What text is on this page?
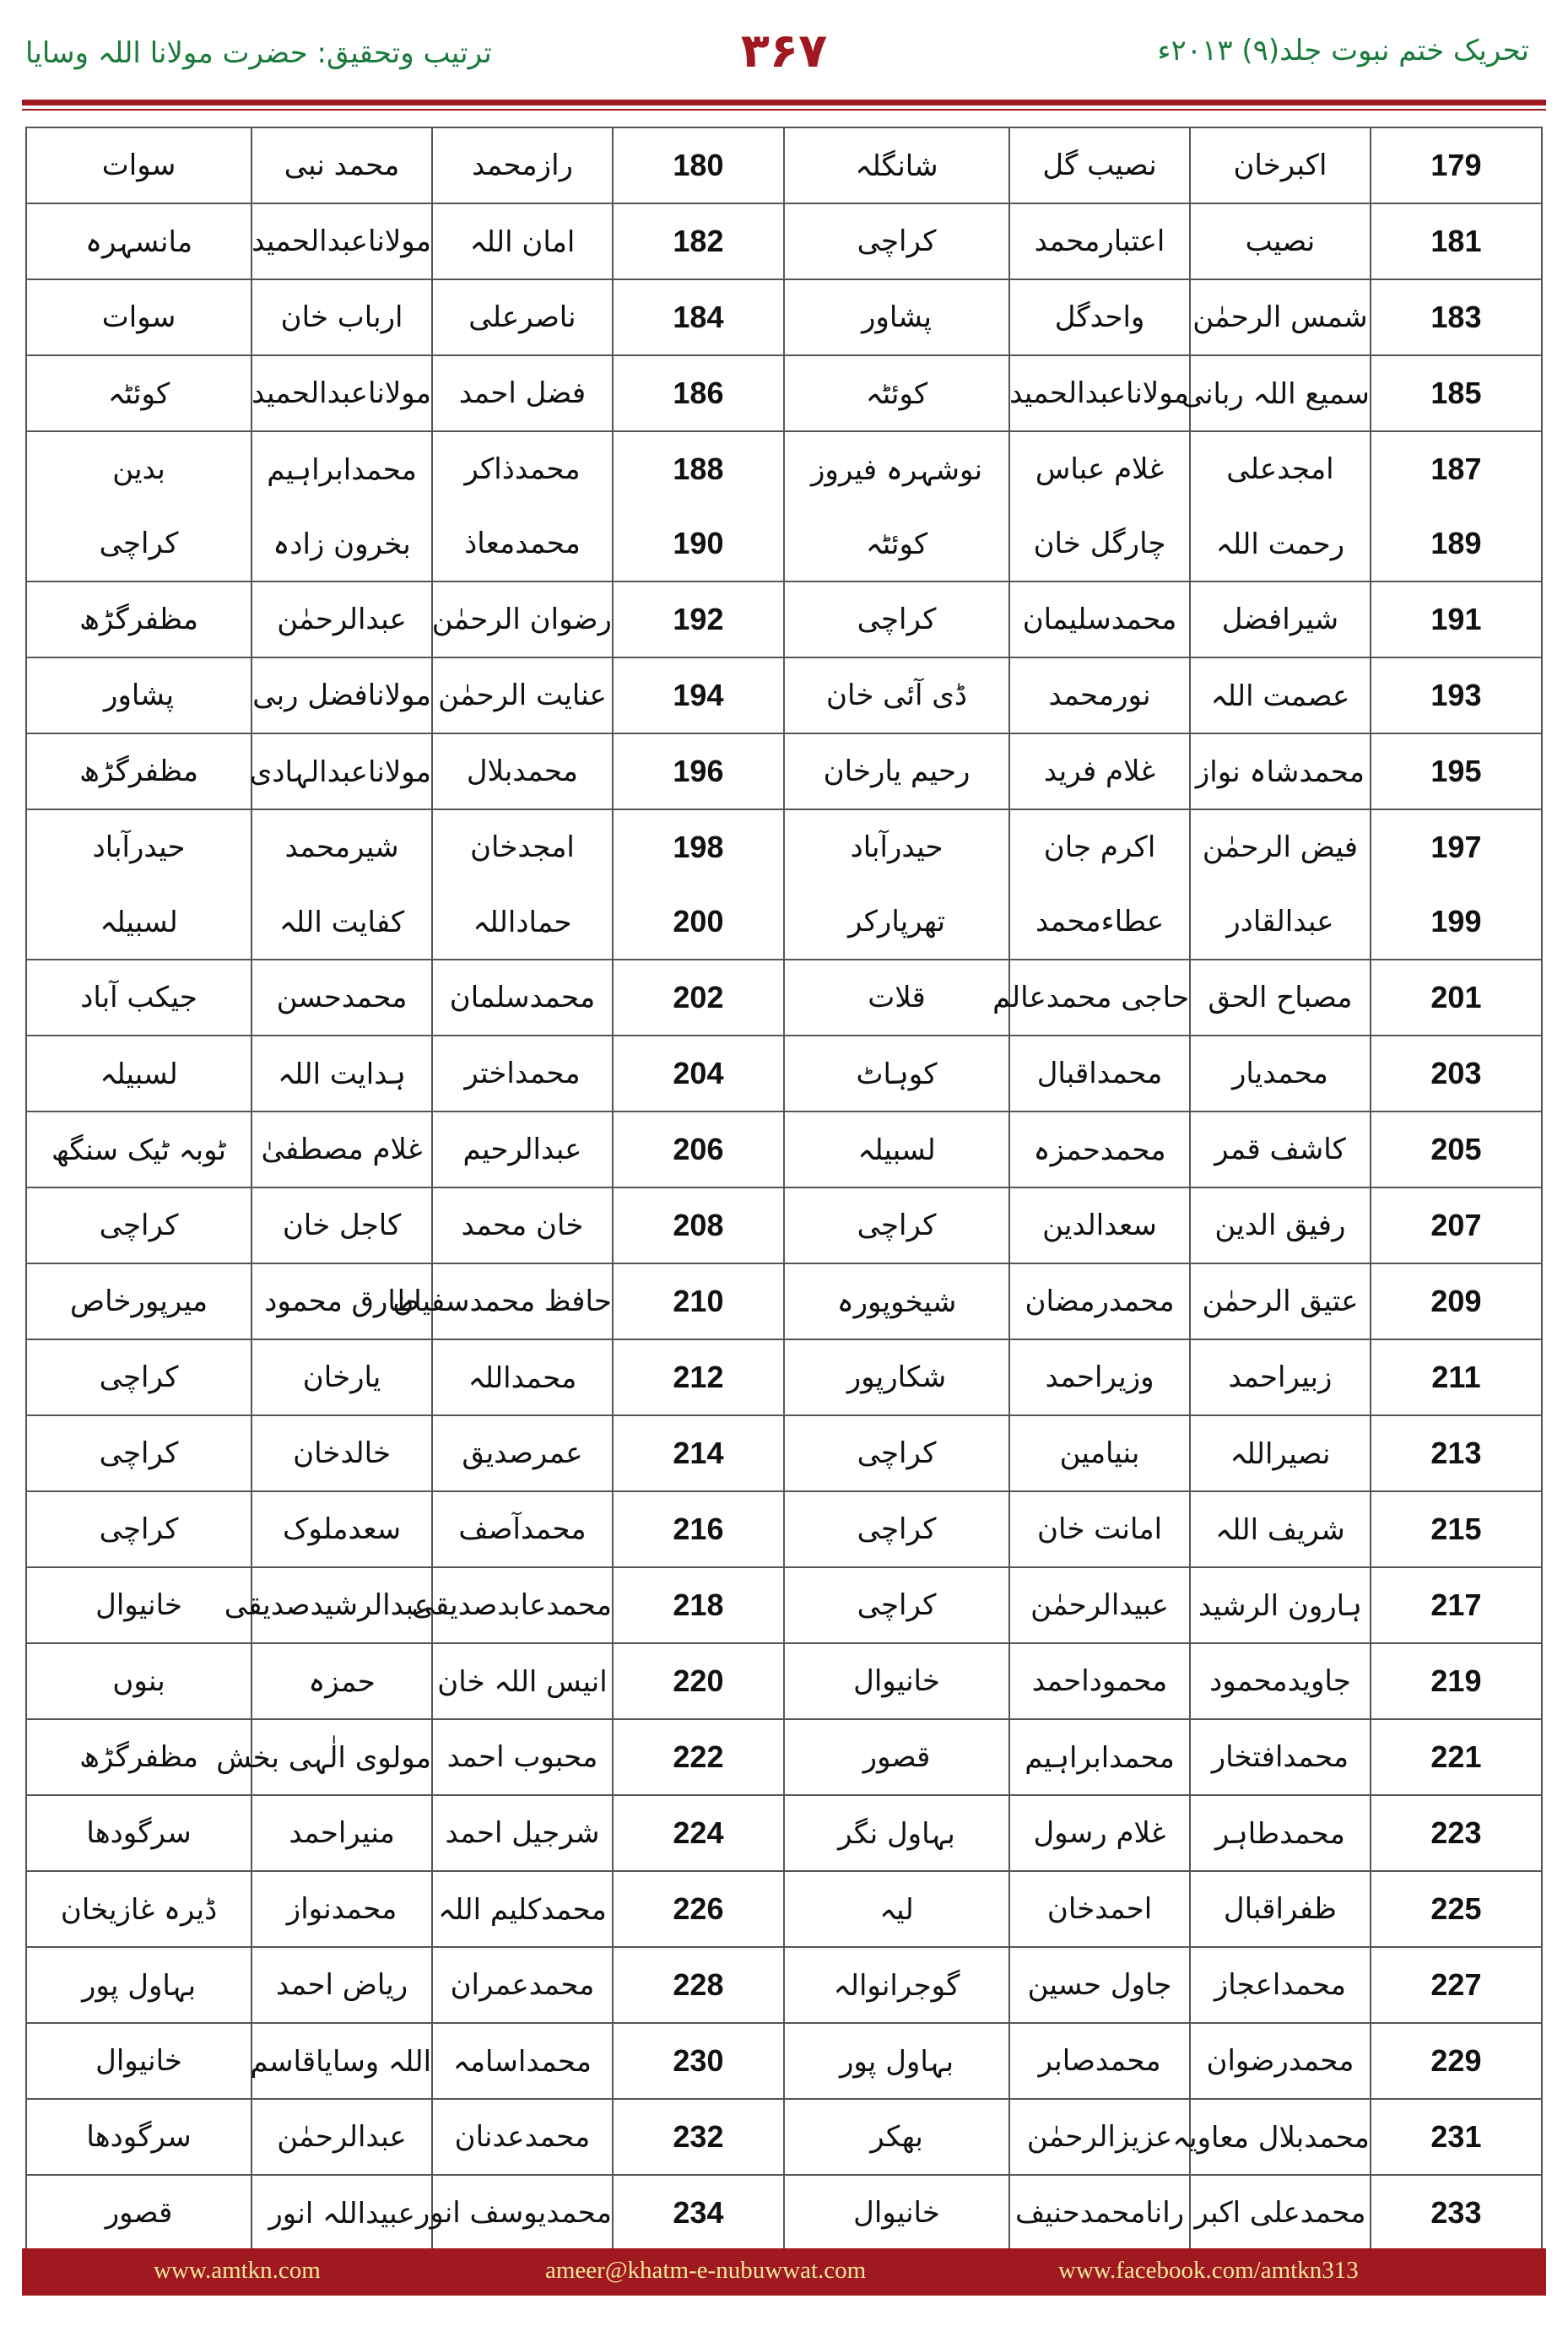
تحریک ختم نبوت جلد(۹) ۲۰۱۳ء
۳۶۷
ترتیب وتحقیق: حضرت مولانا اللہ وسایا
سوات	محمد نبی	رازمحمد	180	شانگلہ	نصیب گل	اکبرخان	179
مانسہرہ	مولاناعبدالحمید	امان اللہ	182	کراچی	اعتبارمحمد	نصیب	181
سوات	ارباب خان	ناصرعلی	184	پشاور	واحدگل	شمس الرحمٰن	183
کوئٹہ	مولاناعبدالحمید	فضل احمد	186	کوئٹہ	مولاناعبدالحمید	سمیع اللہ ربانی	185
بدین	محمدابراہیم	محمدذاکر	188	نوشہرہ فیروز	غلام عباس	امجدعلی	187
کراچی	بخرون زادہ	محمدمعاذ	190	کوئٹہ	چارگل خان	رحمت اللہ	189
مظفرگڑھ	عبدالرحمٰن	رضوان الرحمٰن	192	کراچی	محمدسلیمان	شیرافضل	191
پشاور	مولانافضل ربی	عنایت الرحمٰن	194	ڈی آئی خان	نورمحمد	عصمت اللہ	193
مظفرگڑھ	مولاناعبدالہادی	محمدبلال	196	رحیم یارخان	غلام فرید	محمدشاہ نواز	195
حیدرآباد	شیرمحمد	امجدخان	198	حیدرآباد	اکرم جان	فیض الرحمٰن	197
لسبیلہ	کفایت اللہ	حماداللہ	200	تھرپارکر	عطاءمحمد	عبدالقادر	199
جیکب آباد	محمدحسن	محمدسلمان	202	قلات	حاجی محمدعالم	مصباح الحق	201
لسبیلہ	ہدایت اللہ	محمداختر	204	کوہاٹ	محمداقبال	محمدیار	203
ٹوبہ ٹیک سنگھ	غلام مصطفیٰ	عبدالرحیم	206	لسبیلہ	محمدحمزہ	کاشف قمر	205
کراچی	کاجل خان	خان محمد	208	کراچی	سعدالدین	رفیق الدین	207
میرپورخاص	طارق محمود	حافظ محمدسفیان	210	شیخوپورہ	محمدرمضان	عتیق الرحمٰن	209
کراچی	یارخان	محمداللہ	212	شکارپور	وزیراحمد	زبیراحمد	211
کراچی	خالدخان	عمرصدیق	214	کراچی	بنیامین	نصیراللہ	213
کراچی	سعدملوک	محمدآصف	216	کراچی	امانت خان	شریف اللہ	215
خانیوال	عبدالرشیدصدیقی	محمدعابدصدیقی	218	کراچی	عبیدالرحمٰن	ہارون الرشید	217
بنوں	حمزہ	انیس اللہ خان	220	خانیوال	محموداحمد	جاویدمحمود	219
مظفرگڑھ	مولوی الٰہی بخش	محبوب احمد	222	قصور	محمدابراہیم	محمدافتخار	221
سرگودھا	منیراحمد	شرجیل احمد	224	بہاول نگر	غلام رسول	محمدطاہر	223
ڈیرہ غازیخان	محمدنواز	محمدکلیم اللہ	226	لیہ	احمدخان	ظفراقبال	225
بہاول پور	ریاض احمد	محمدعمران	228	گوجرانوالہ	جاول حسین	محمداعجاز	227
خانیوال	اللہ وسایاقاسم	محمداسامہ	230	بہاول پور	محمدصابر	محمدرضوان	229
سرگودھا	عبدالرحمٰن	محمدعدنان	232	بھکر	عزیزالرحمٰن	محمدبلال معاویہ	231
قصور	عبیداللہ انور	محمدیوسف انور	234	خانیوال	رانامحمدحنیف	محمدعلی اکبر	233
www.amtkn.com	ameer@khatm-e-nubuwwat.com	www.facebook.com/amtkn313
